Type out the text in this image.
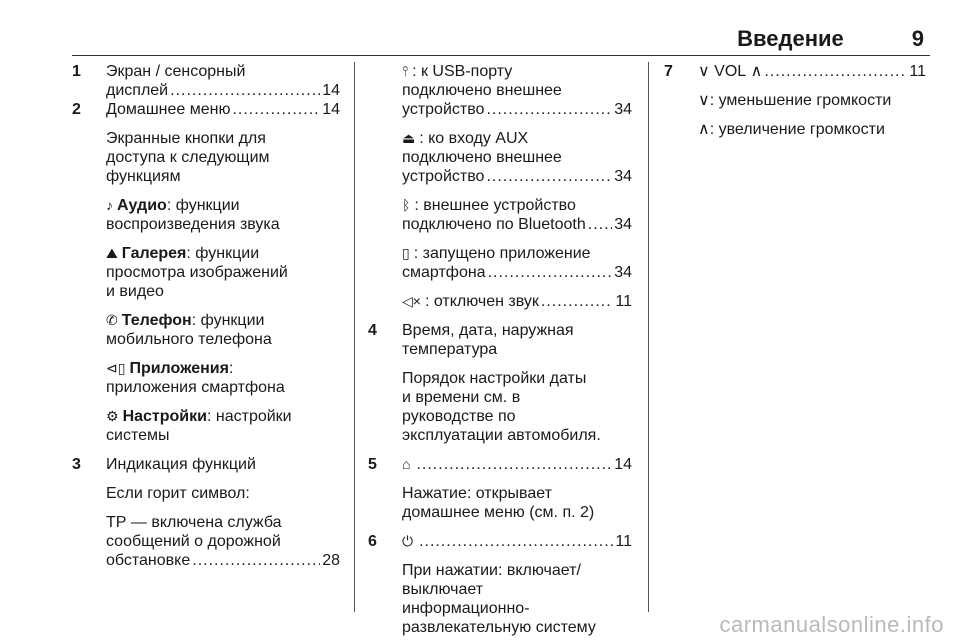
Введение	9
1	Экран / сенсорный
дисплей .....	14
2	Домашнее меню .....	14
Экранные кнопки для
доступа к следующим
функциям
♪ Аудио: функции
воспроизведения звука
⛰ Галерея: функции
просмотра изображений
и видео
✆ Телефон: функции
мобильного телефона
⊲▯ Приложения:
приложения смартфона
⚙ Настройки: настройки
системы
3	Индикация функций
Если горит символ:
ТР — включена служба
сообщений о дорожной
обстановке .....	28
⫯ : к USB-порту
подключено внешнее
устройство .....	34
⏏ : ко входу AUX
подключено внешнее
устройство .....	34
ᛒ : внешнее устройство
подключено по Bluetooth ..... 34
▯ : запущено приложение
смартфона .....	34
◁× : отключен звук .....	11
4	Время, дата, наружная
температура
Порядок настройки даты
и времени см. в
руководстве по
эксплуатации автомобиля.
5	⌂ .....	14
Нажатие: открывает
домашнее меню (см. п. 2)
6	⏻ .....	11
При нажатии: включает/
выключает
информационно-
развлекательную систему
7	∨
VOL
∧ .....	11
∨: уменьшение громкости
∧: увеличение громкости
carmanualsonline.info
